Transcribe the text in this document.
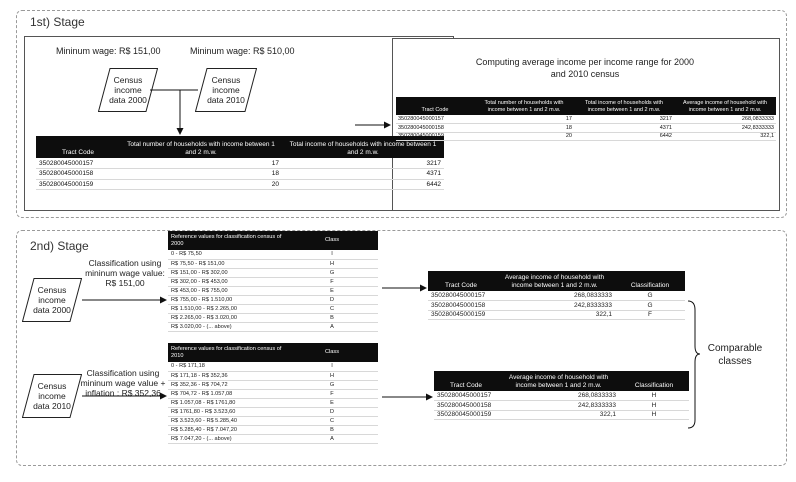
1st) Stage
Mininum wage: R$ 151,00	Mininum wage: R$ 510,00
Census income data 2000
Census income data 2010
Tract Code	Total number of households with income between 1 and 2 m.w.	Total income of households with income between 1 and 2 m.w.
350280045000157	17	3217
350280045000158	18	4371
350280045000159	20	6442
Computing average income per income range for 2000 and 2010 census
Tract Code	Total number of households with income between 1 and 2 m.w.	Total income of households with income between 1 and 2 m.w.	Average income of household with income between 1 and 2 m.w.
350280045000157	17	3217	268,0833333
350280045000158	18	4371	242,8333333
350280045000159	20	6442	322,1
2nd) Stage
Census income data 2000
Census income data 2010
Classification using mininum wage value: R$ 151,00
Classification using mininum wage value + inflation : R$ 352,36
Reference values for classification census of 2000	Class
0 - R$ 75,50	I
R$ 75,50 - R$ 151,00	H
R$ 151,00 - R$ 302,00	G
R$ 302,00 - R$ 453,00	F
R$ 453,00 - R$ 755,00	E
R$ 755,00 - R$ 1.510,00	D
R$ 1.510,00 - R$ 2.265,00	C
R$ 2.265,00 - R$ 3.020,00	B
R$ 3.020,00 - (... above)	A
Reference values for classification census of 2010	Class
0 - R$ 171,18	I
R$ 171,18 - R$ 352,36	H
R$ 352,36 - R$ 704,72	G
R$ 704,72 - R$ 1.057,08	F
R$ 1.057,08 - R$ 1761,80	E
R$ 1761,80 - R$ 3.523,60	D
R$ 3.523,60 - R$ 5.285,40	C
R$ 5.285,40 - R$ 7.047,20	B
R$ 7.047,20 - (... above)	A
Tract Code	Average income of household with income between 1 and 2 m.w.	Classification
350280045000157	268,0833333	G
350280045000158	242,8333333	G
350280045000159	322,1	F
Tract Code	Average income of household with income between 1 and 2 m.w.	Classification
350280045000157	268,0833333	H
350280045000158	242,8333333	H
350280045000159	322,1	H
Comparable classes
